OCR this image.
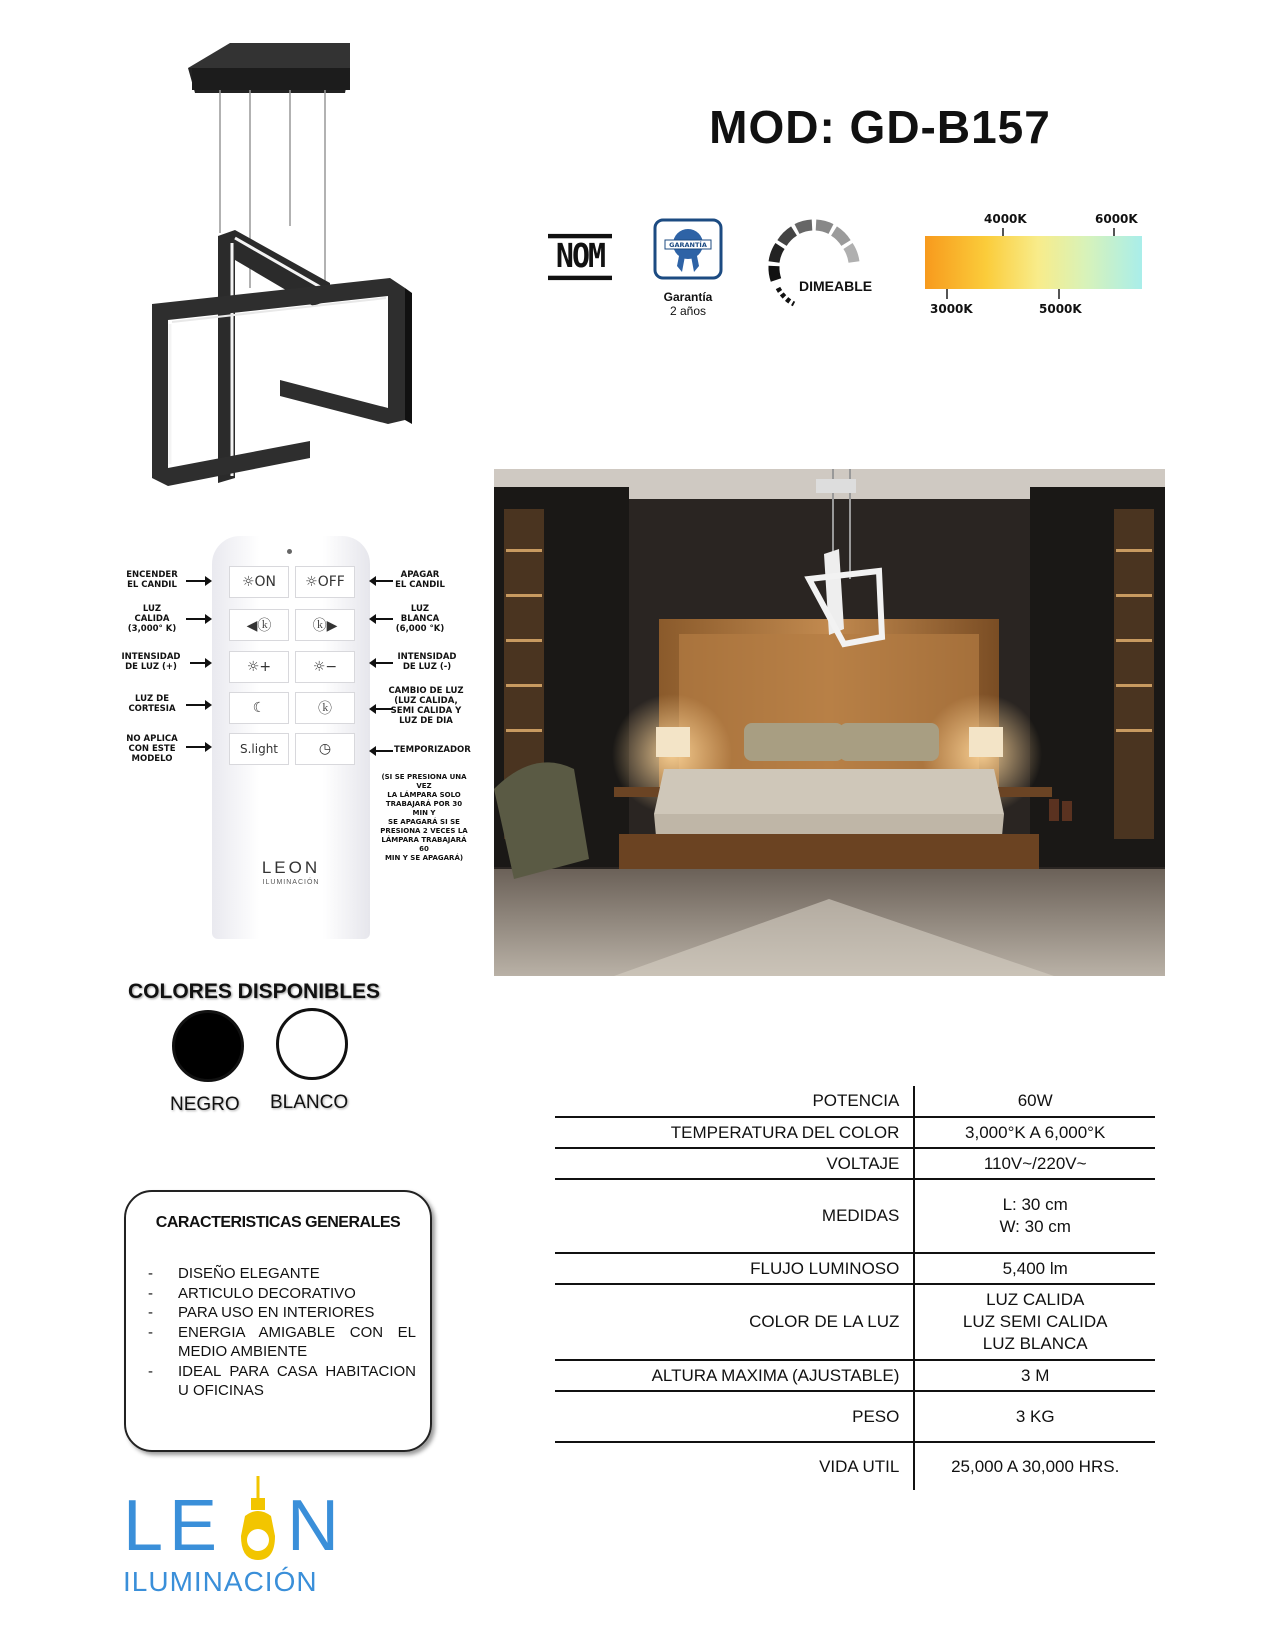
MOD: GD-B157
NOM	GARANTÍA
Garantía
2 años
DIMEABLE
4000K	6000K
3000K	5000K
☼ON	☼OFF
◀ⓚ	ⓚ▶
☼+	☼−
☾	ⓚ
S.light	◷
LEON
ILUMINACIÓN
ENCENDER
EL CANDIL
LUZ
CALIDA
(3,000° K)
INTENSIDAD
DE LUZ (+)
LUZ DE
CORTESIA
NO APLICA
CON ESTE
MODELO
APAGAR
EL CANDIL
LUZ
BLANCA
(6,000 °K)
INTENSIDAD
DE LUZ (-)
CAMBIO DE LUZ
(LUZ CALIDA,
SEMI CALIDA Y
LUZ DE DIA
TEMPORIZADOR
(SI SE PRESIONA UNA VEZ
LA LÁMPARA SOLO
TRABAJARÁ POR 30 MIN Y
SE APAGARÁ SI SE
PRESIONA 2 VECES LA
LÁMPARA TRABAJARÁ 60
MIN Y SE APAGARÁ)
COLORES DISPONIBLES
NEGRO BLANCO
CARACTERISTICAS GENERALES
- DISEÑO ELEGANTE
- ARTICULO DECORATIVO
- PARA USO EN INTERIORES
- ENERGIA AMIGABLE CON EL MEDIO AMBIENTE
- IDEAL PARA CASA HABITACION U OFICINAS
POTENCIA	60W

TEMPERATURA DEL COLOR	3,000°K A 6,000°K

VOLTAJE	110V~/220V~

MEDIDAS	L: 30 cm
W: 30 cm

FLUJO LUMINOSO	5,400 lm

COLOR DE LA LUZ	LUZ CALIDA
LUZ SEMI CALIDA
LUZ BLANCA

ALTURA MAXIMA (AJUSTABLE)	3 M

PESO	3 KG

VIDA UTIL	25,000 A 30,000 HRS.
LE N
ILUMINACIÓN
